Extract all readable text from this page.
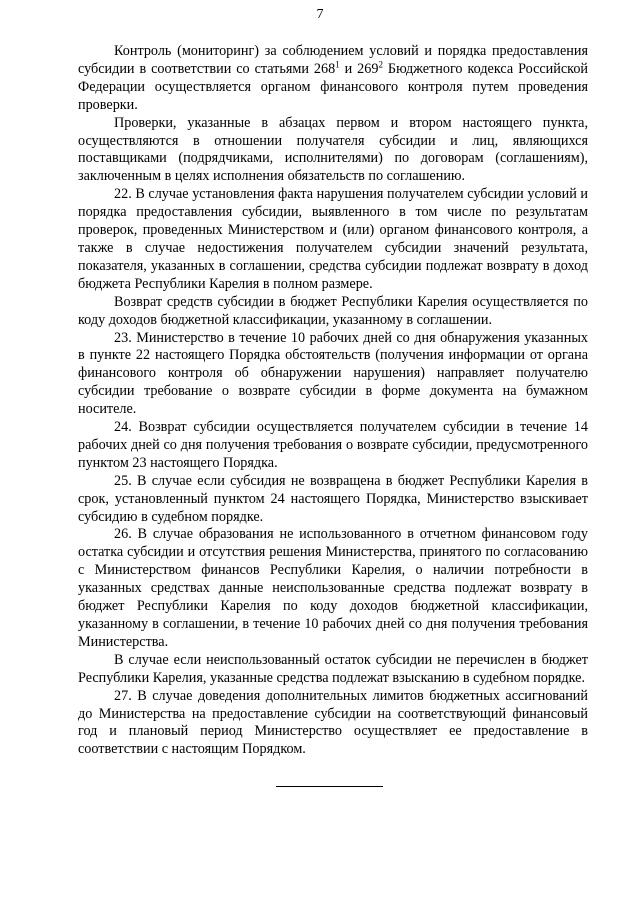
7

Контроль (мониторинг) за соблюдением условий и порядка предоставления субсидии в соответствии со статьями $268^1$ и $269^2$ Бюджетного кодекса Российской Федерации осуществляется органом финансового контроля путем проведения проверки.

Проверки, указанные в абзацах первом и втором настоящего пункта, осуществляются в отношении получателя субсидии и лиц, являющихся поставщиками (подрядчиками, исполнителями) по договорам (соглашениям), заключенным в целях исполнения обязательств по соглашению.

22. В случае установления факта нарушения получателем субсидии условий и порядка предоставления субсидии, выявленного в том числе по результатам проверок, проведенных Министерством и (или) органом финансового контроля, а также в случае недостижения получателем субсидии значений результата, показателя, указанных в соглашении, средства субсидии подлежат возврату в доход бюджета Республики Карелия в полном размере.

Возврат средств субсидии в бюджет Республики Карелия осуществляется по коду доходов бюджетной классификации, указанному в соглашении.

23. Министерство в течение 10 рабочих дней со дня обнаружения указанных в пункте 22 настоящего Порядка обстоятельств (получения информации от органа финансового контроля об обнаружении нарушения) направляет получателю субсидии требование о возврате субсидии в форме документа на бумажном носителе.

24. Возврат субсидии осуществляется получателем субсидии в течение 14 рабочих дней со дня получения требования о возврате субсидии, предусмотренного пунктом 23 настоящего Порядка.

25. В случае если субсидия не возвращена в бюджет Республики Карелия в срок, установленный пунктом 24 настоящего Порядка, Министерство взыскивает субсидию в судебном порядке.

26. В случае образования не использованного в отчетном финансовом году остатка субсидии и отсутствия решения Министерства, принятого по согласованию с Министерством финансов Республики Карелия, о наличии потребности в указанных средствах данные неиспользованные средства подлежат возврату в бюджет Республики Карелия по коду доходов бюджетной классификации, указанному в соглашении, в течение 10 рабочих дней со дня получения требования Министерства.

В случае если неиспользованный остаток субсидии не перечислен в бюджет Республики Карелия, указанные средства подлежат взысканию в судебном порядке.

27. В случае доведения дополнительных лимитов бюджетных ассигнований до Министерства на предоставление субсидии на соответствующий финансовый год и плановый период Министерство осуществляет ее предоставление в соответствии с настоящим Порядком.
